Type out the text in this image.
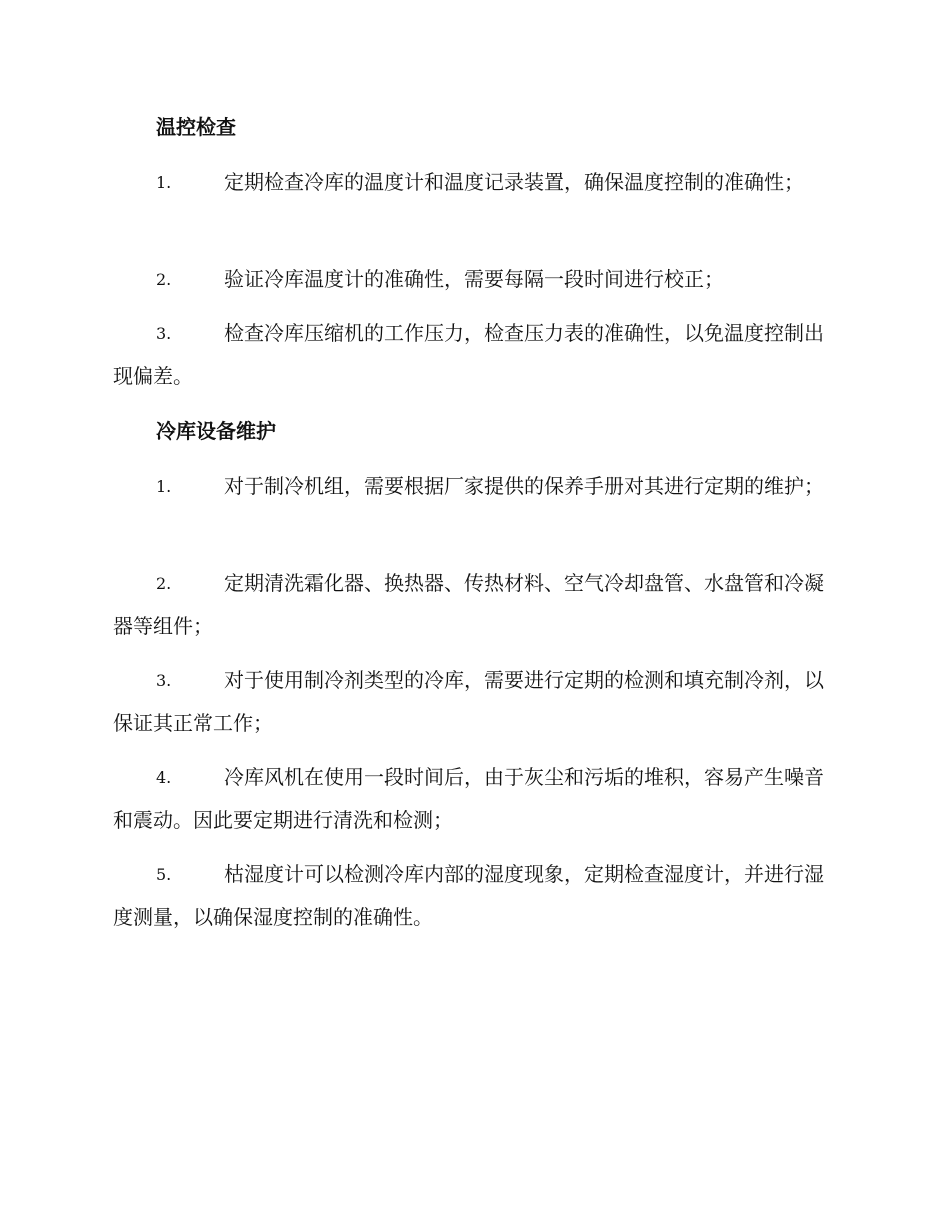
温控检查
1.	定期检查冷库的温度计和温度记录装置，确保温度控制的准确性；
2.	验证冷库温度计的准确性，需要每隔一段时间进行校正；
3.	检查冷库压缩机的工作压力，检查压力表的准确性，以免温度控制出现偏差。
冷库设备维护
1.	对于制冷机组，需要根据厂家提供的保养手册对其进行定期的维护；
2.	定期清洗霜化器、换热器、传热材料、空气冷却盘管、水盘管和冷凝器等组件；
3.	对于使用制冷剂类型的冷库，需要进行定期的检测和填充制冷剂，以保证其正常工作；
4.	冷库风机在使用一段时间后，由于灰尘和污垢的堆积，容易产生噪音和震动。因此要定期进行清洗和检测；
5.	枯湿度计可以检测冷库内部的湿度现象，定期检查湿度计，并进行湿度测量，以确保湿度控制的准确性。
